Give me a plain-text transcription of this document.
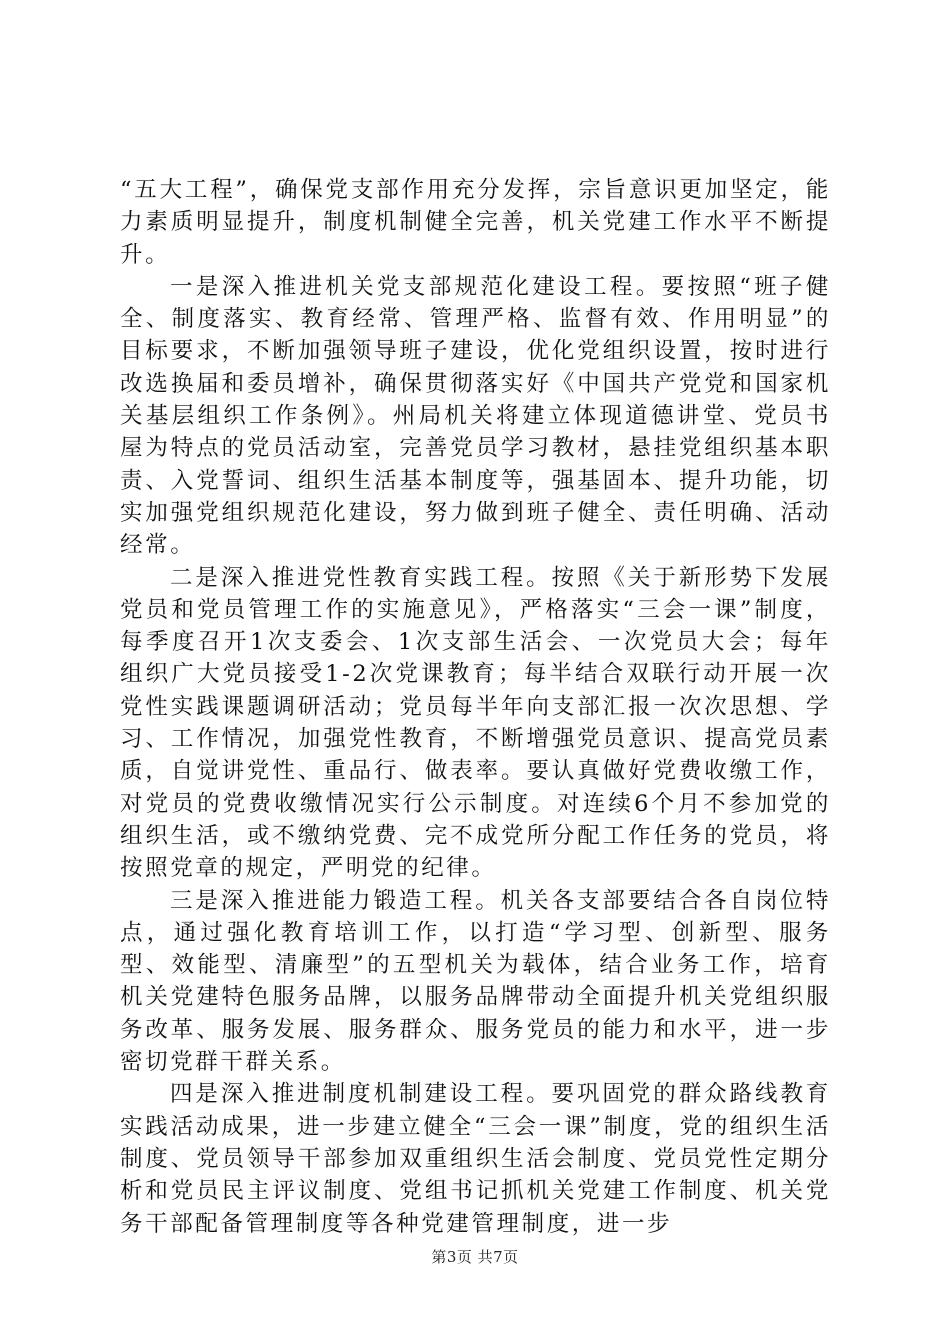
“五大工程”，确保党支部作用充分发挥，宗旨意识更加坚定，能力素质明显提升，制度机制健全完善，机关党建工作水平不断提升。

一是深入推进机关党支部规范化建设工程。要按照“班子健全、制度落实、教育经常、管理严格、监督有效、作用明显”的目标要求，不断加强领导班子建设，优化党组织设置，按时进行改选换届和委员增补，确保贯彻落实好《中国共产党党和国家机关基层组织工作条例》。州局机关将建立体现道德讲堂、党员书屋为特点的党员活动室，完善党员学习教材，悬挂党组织基本职责、入党誓词、组织生活基本制度等，强基固本、提升功能，切实加强党组织规范化建设，努力做到班子健全、责任明确、活动经常。

二是深入推进党性教育实践工程。按照《关于新形势下发展党员和党员管理工作的实施意见》，严格落实“三会一课”制度，每季度召开1次支委会、1次支部生活会、一次党员大会；每年组织广大党员接受1-2次党课教育；每半结合双联行动开展一次党性实践课题调研活动；党员每半年向支部汇报一次次思想、学习、工作情况，加强党性教育，不断增强党员意识、提高党员素质，自觉讲党性、重品行、做表率。要认真做好党费收缴工作，对党员的党费收缴情况实行公示制度。对连续6个月不参加党的组织生活，或不缴纳党费、完不成党所分配工作任务的党员，将按照党章的规定，严明党的纪律。

三是深入推进能力锻造工程。机关各支部要结合各自岗位特点，通过强化教育培训工作，以打造“学习型、创新型、服务型、效能型、清廉型”的五型机关为载体，结合业务工作，培育机关党建特色服务品牌，以服务品牌带动全面提升机关党组织服务改革、服务发展、服务群众、服务党员的能力和水平，进一步密切党群干群关系。

四是深入推进制度机制建设工程。要巩固党的群众路线教育实践活动成果，进一步建立健全“三会一课”制度，党的组织生活制度、党员领导干部参加双重组织生活会制度、党员党性定期分析和党员民主评议制度、党组书记抓机关党建工作制度、机关党务干部配备管理制度等各种党建管理制度，进一步

第3页 共7页
